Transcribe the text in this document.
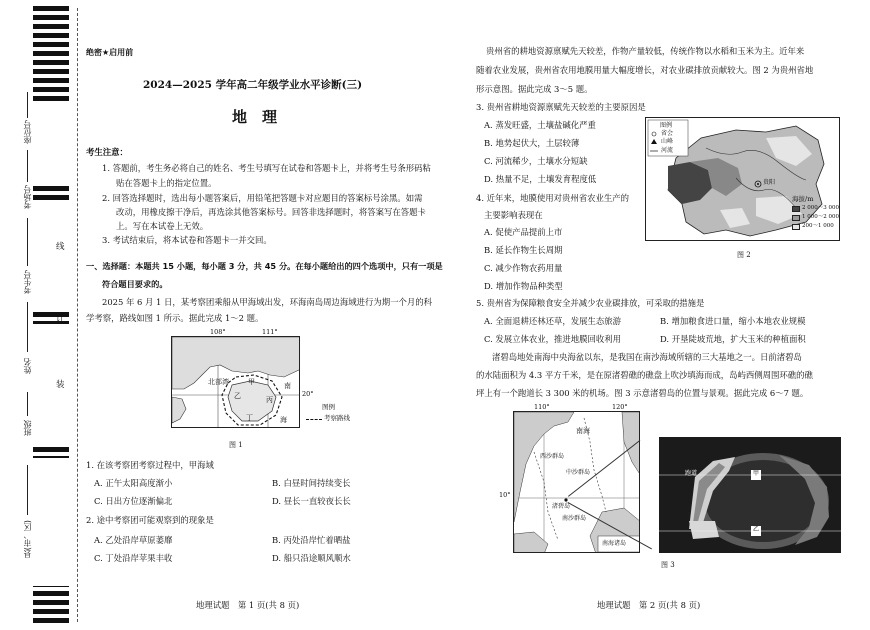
座位号
考场号
考生号
姓名
班级
县(市、区)
线
订
装
绝密★启用前
2024—2025 学年高二年级学业水平诊断(三)
地　理
考生注意：
1. 答题前，考生务必将自己的姓名、考生号填写在试卷和答题卡上，并将考生号条形码粘
贴在答题卡上的指定位置。
2. 回答选择题时，选出每小题答案后，用铅笔把答题卡对应题目的答案标号涂黑。如需
改动，用橡皮擦干净后，再选涂其他答案标号。回答非选择题时，将答案写在答题卡
上。写在本试卷上无效。
3. 考试结束后，将本试卷和答题卡一并交回。
一、选择题：本题共 15 小题，每小题 3 分，共 45 分。在每小题给出的四个选项中，只有一项是
符合题目要求的。
2025 年 6 月 1 日，某考察团乘船从甲海域出发，环海南岛周边海域进行为期一个月的科
学考察，路线如图 1 所示。据此完成 1～2 题。
北部湾	甲	南
乙	丙
丁	海
108°	111°
20°
图例
考察路线
图 1
1. 在该考察团考察过程中，甲海域
A. 正午太阳高度渐小	B. 白昼时间持续变长
C. 日出方位逐渐偏北	D. 昼长一直较夜长长
2. 途中考察团可能观察到的现象是
A. 乙处沿岸草原萎靡	B. 丙处沿岸忙着晒盐
C. 丁处沿岸苹果丰收	D. 船只沿途顺风顺水
地理试题　第 1 页(共 8 页)
贵州省的耕地资源禀赋先天较差，作物产量较低，传统作物以水稻和玉米为主。近年来
随着农业发展，贵州省农用地膜用量大幅度增长，对农业碳排放贡献较大。图 2 为贵州省地
形示意图。据此完成 3～5 题。
3. 贵州省耕地资源禀赋先天较差的主要原因是
A. 蒸发旺盛，土壤盐碱化严重
B. 地势起伏大，土层较薄
C. 河流稀少，土壤水分短缺
D. 热量不足，土壤发育程度低
4. 近年来，地膜使用对贵州省农业生产的
主要影响表现在
A. 促使产品提前上市
B. 延长作物生长周期
C. 减少作物农药用量
D. 增加作物品种类型
图例
省会
山峰
河流
贵阳
海拔/m
2 000～3 000
1 000～2 000
200～1 000
图 2
5. 贵州省为保障粮食安全并减少农业碳排放，可采取的措施是
A. 全面退耕还林还草，发展生态旅游	B. 增加粮食进口量，缩小本地农业规模
C. 发展立体农业，推进地膜回收利用	D. 开垦陡坡荒地，扩大玉米的种植面积
渚碧岛地处南海中央海盆以东，是我国在南沙海域所辖的三大基地之一。日前渚碧岛
的水陆面积为 4.3 平方千米，是在原渚碧礁的礁盘上吹沙填海而成，岛屿西侧周围环礁的礁
坪上有一个跑道长 3 300 米的机场。图 3 示意渚碧岛的位置与景观。据此完成 6～7 题。
南海
西沙群岛
中沙群岛
渚碧岛
南沙群岛
南海诸岛
110°	120°
10°
跑道	甲
乙
图 3
地理试题　第 2 页(共 8 页)
